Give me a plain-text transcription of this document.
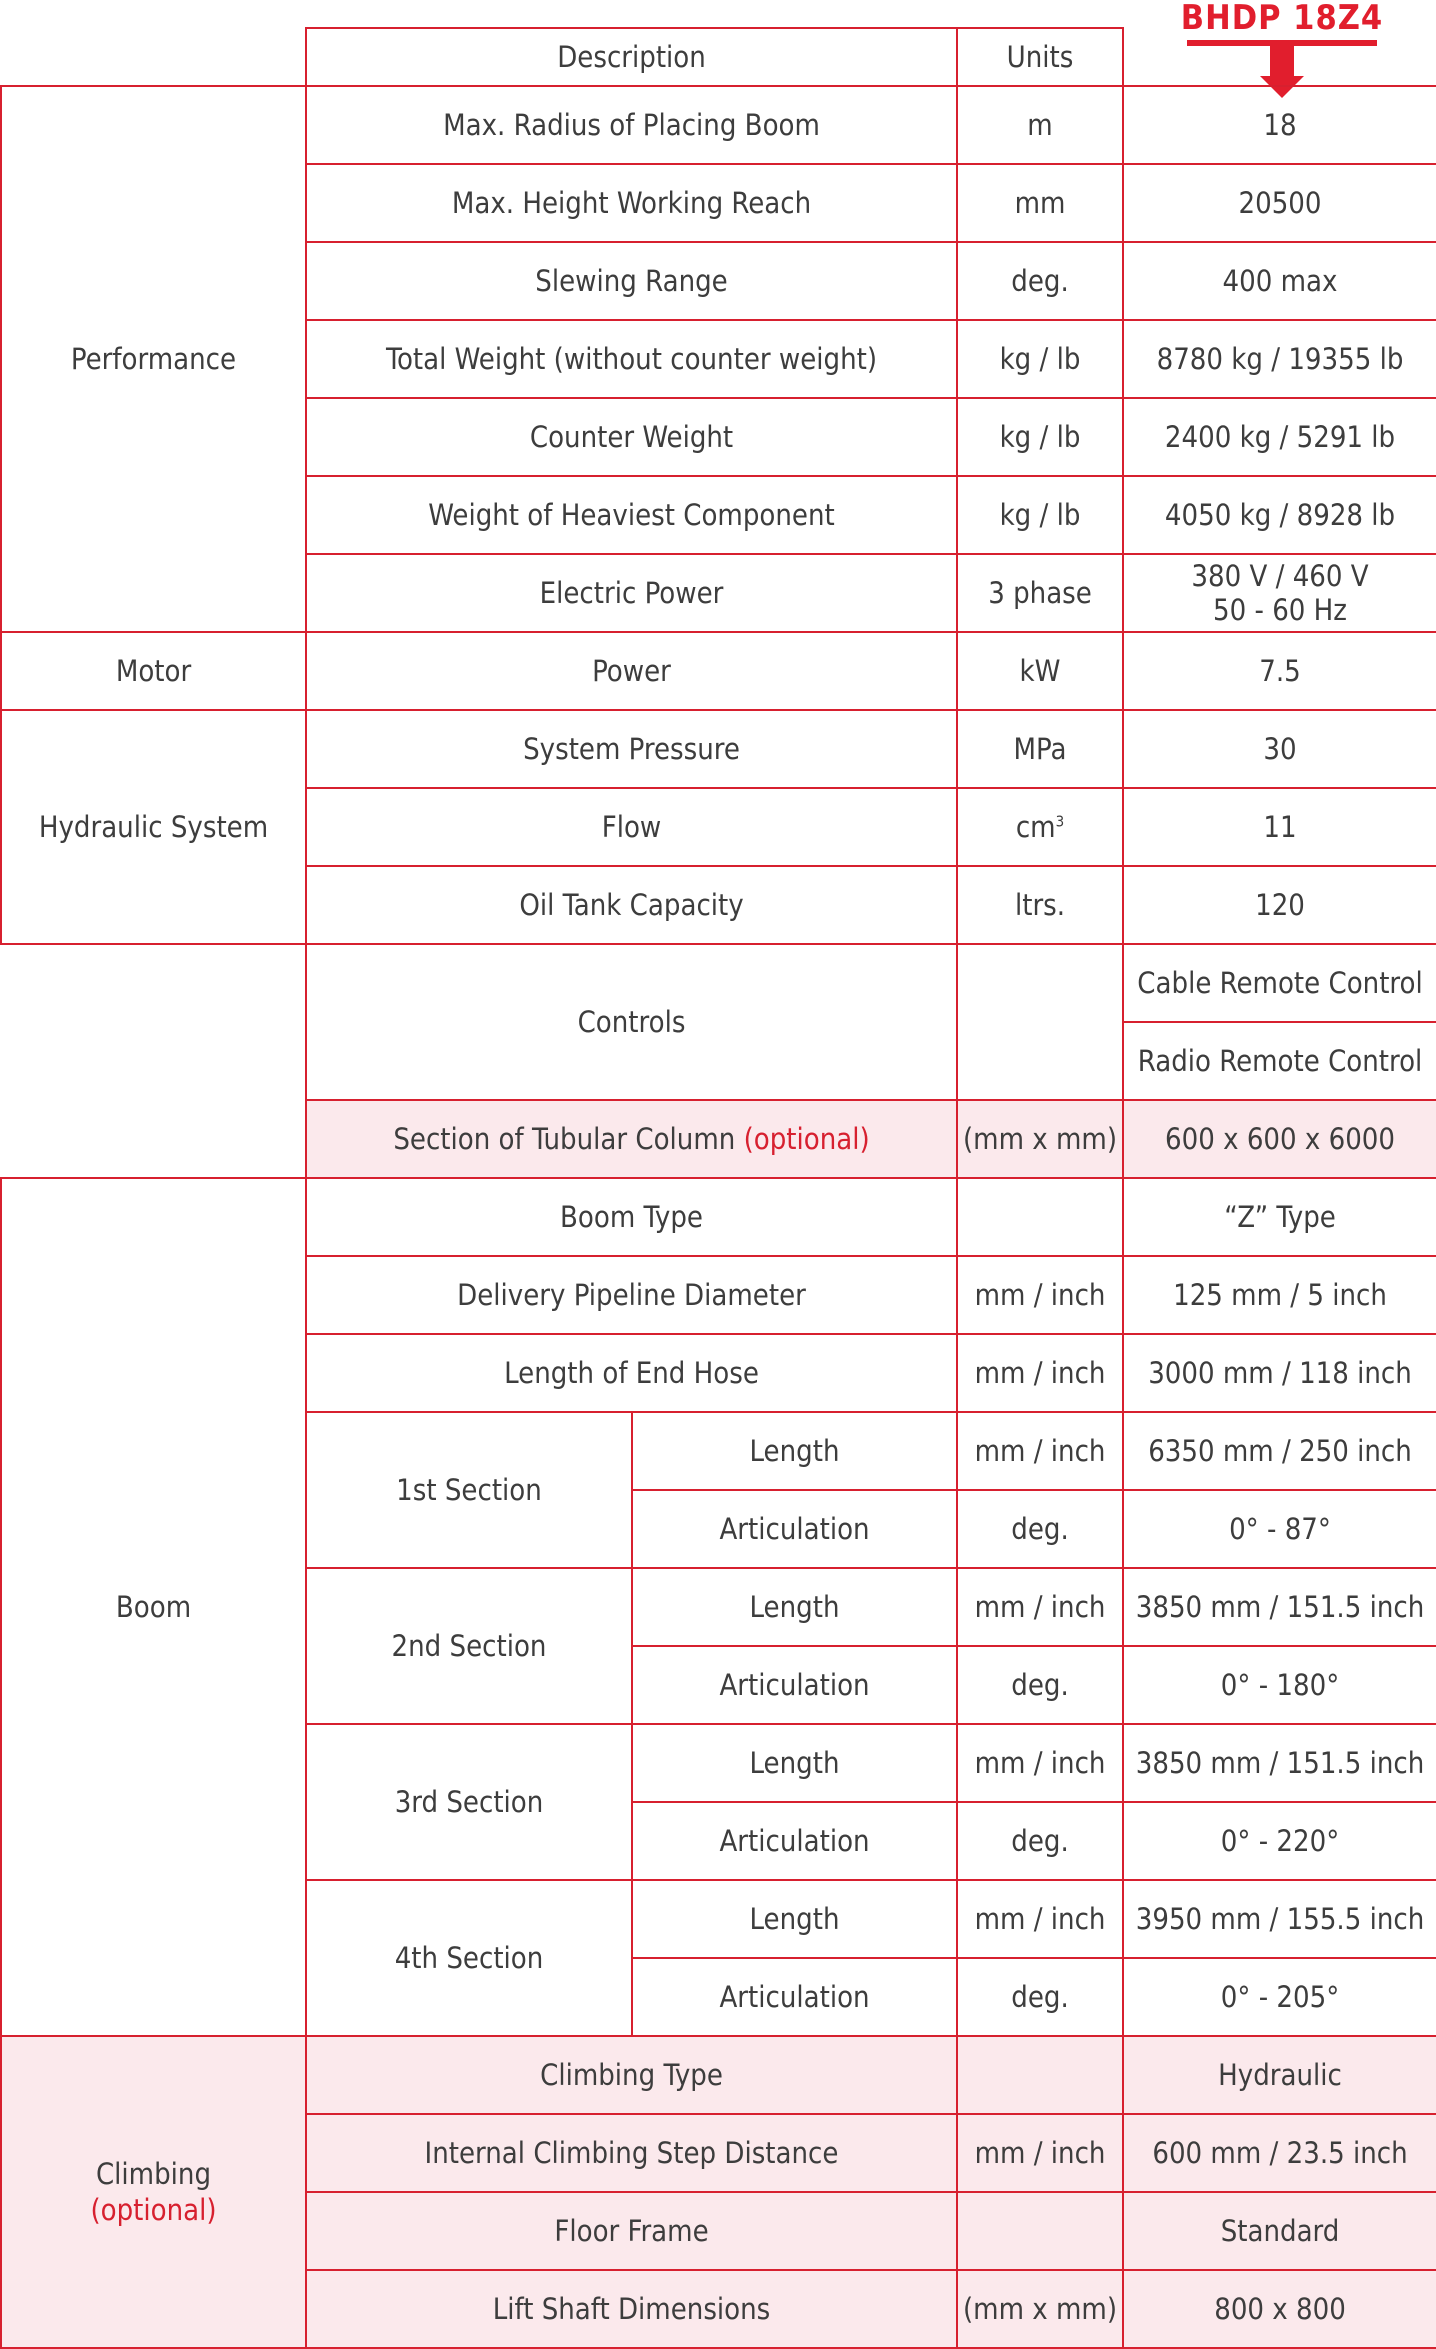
BHDP 18Z4
	Description		Units	
Performance	Max. Radius of Placing Boom		m	18
	Max. Height Working Reach		mm	20500
	Slewing Range		deg.	400 max
	Total Weight (without counter weight)		kg / lb	8780 kg / 19355 lb
	Counter Weight		kg / lb	2400 kg / 5291 lb
	Weight of Heaviest Component		kg / lb	4050 kg / 8928 lb
	Electric Power		3 phase	380 V / 460 V
50 - 60 Hz

Motor	Power		kW	7.5
Hydraulic System	System Pressure		MPa	30
	Flow		$cm^3$	11
	Oil Tank Capacity		ltrs.	120
	Controls			Cable Remote Control
				Radio Remote Control
	Section of Tubular Column (optional)		(mm x mm)	600 x 600 x 6000
Boom	Boom Type			“Z” Type
	Delivery Pipeline Diameter		mm / inch	125 mm / 5 inch
	Length of End Hose		mm / inch	3000 mm / 118 inch
	1st Section	Length	mm / inch	6350 mm / 250 inch
		Articulation	deg.	0° - 87°
	2nd Section	Length	mm / inch	3850 mm / 151.5 inch
		Articulation	deg.	0° - 180°
	3rd Section	Length	mm / inch	3850 mm / 151.5 inch
		Articulation	deg.	0° - 220°
	4th Section	Length	mm / inch	3950 mm / 155.5 inch
		Articulation	deg.	0° - 205°

Climbing
(optional)	Climbing Type			Hydraulic
	Internal Climbing Step Distance		mm / inch	600 mm / 23.5 inch
	Floor Frame			Standard
	Lift Shaft Dimensions		(mm x mm)	800 x 800
